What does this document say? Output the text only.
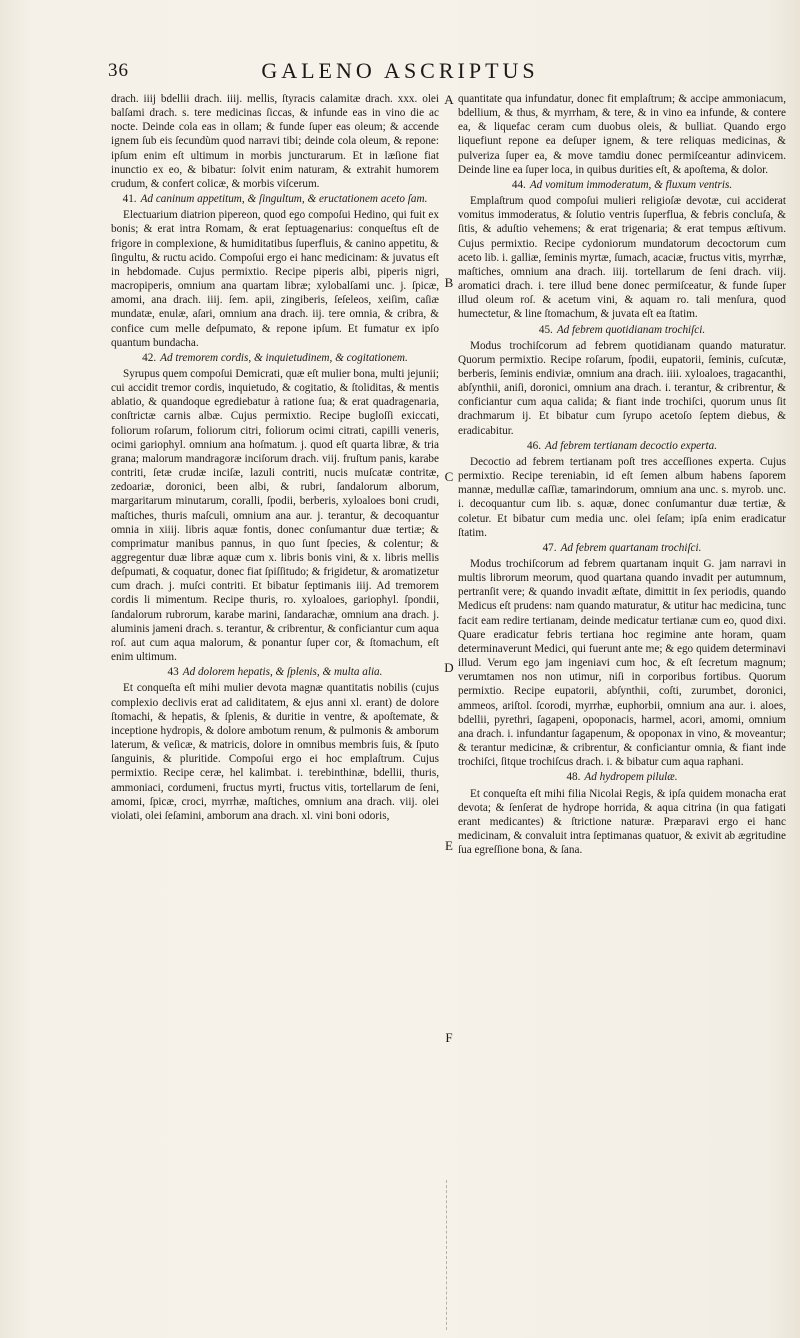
36	GALENO ASCRIPTUS

drach. iiij bdellii drach. iiij. mellis, ſtyracis calamitæ drach. xxx. olei balſami drach. s. tere medicinas ſiccas, & infunde eas in vino die ac nocte. Deinde cola eas in ollam; & funde ſuper eas oleum; & accende ignem ſub eis ſecundùm quod narravi tibi; deinde cola oleum, & repone: ipſum enim eſt ultimum in morbis juncturarum. Et in læſione fiat inunctio ex eo, & bibatur: ſolvit enim naturam, & extrahit humorem crudum, & confert colicæ, & morbis viſcerum.

41. Ad caninum appetitum, & ſingultum, & eructationem aceto ſam.

Electuarium diatrion pipereon, quod ego compoſui Hedino, qui fuit ex bonis; & erat intra Romam, & erat ſeptuagenarius: conqueſtus eſt de frigore in complexione, & humiditatibus ſuperfluis, & canino appetitu, & ſingultu, & ructu acido. Compoſui ergo ei hanc medicinam: & juvatus eſt in hebdomade. Cujus permixtio. Recipe piperis albi, piperis nigri, macropiperis, omnium ana quartam libræ; xylobalſami unc. j. ſpicæ, amomi, ana drach. iiij. ſem. apii, zingiberis, ſeſeleos, xeiſim, caſiæ mundatæ, enulæ, aſari, omnium ana drach. iij. tere omnia, & cribra, & confice cum melle deſpumato, & repone ipſum. Et fumatur ex ipſo quantum bundacha.

42. Ad tremorem cordis, & inquietudinem, & cogitationem.

Syrupus quem compoſui Demicrati, quæ eſt mulier bona, multi jejunii; cui accidit tremor cordis, inquietudo, & cogitatio, & ſtoliditas, & mentis ablatio, & quandoque egrediebatur à ratione ſua; & erat quadragenaria, conſtrictæ carnis albæ. Cujus permixtio. Recipe bugloſſi exiccati, foliorum roſarum, foliorum citri, foliorum ocimi citrati, capilli veneris, ocimi gariophyl. omnium ana hoſmatum. j. quod eſt quarta libræ, & tria grana; malorum mandragoræ inciſorum drach. viij. fruſtum panis, karabe contriti, ſetæ crudæ inciſæ, lazuli contriti, nucis muſcatæ contritæ, zedoariæ, doronici, been albi, & rubri, ſandalorum alborum, margaritarum minutarum, coralli, ſpodii, berberis, xyloaloes boni crudi, maſtiches, thuris maſculi, omnium ana aur. j. terantur, & decoquantur omnia in xiiij. libris aquæ fontis, donec conſumantur duæ tertiæ; & comprimatur manibus pannus, in quo ſunt ſpecies, & colentur; & aggregentur duæ libræ aquæ cum x. libris bonis vini, & x. libris mellis deſpumati, & coquatur, donec fiat ſpiſſitudo; & frigidetur, & aromatizetur cum drach. j. muſci contriti. Et bibatur ſeptimanis iiij. Ad tremorem cordis li mimentum. Recipe thuris, ro. xyloaloes, gariophyl. ſpondii, ſandalorum rubrorum, karabe marini, ſandarachæ, omnium ana drach. j. aluminis jameni drach. s. terantur, & cribrentur, & conficiantur cum aqua roſ. aut cum aqua malorum, & ponantur ſuper cor, & ſtomachum, eſt enim ultimum.

43 Ad dolorem hepatis, & ſplenis, & multa alia.

Et conqueſta eſt mihi mulier devota magnæ quantitatis nobilis (cujus complexio declivis erat ad caliditatem, & ejus anni xl. erant) de dolore ſtomachi, & hepatis, & ſplenis, & duritie in ventre, & apoſtemate, & inceptione hydropis, & dolore ambotum renum, & pulmonis & amborum laterum, & veſicæ, & matricis, dolore in omnibus membris ſuis, & ſputo ſanguinis, & pluritide. Compoſui ergo ei hoc emplaſtrum. Cujus permixtio. Recipe ceræ, hel kalimbat. i. terebinthinæ, bdellii, thuris, ammoniaci, cordumeni, fructus myrti, fructus vitis, tortellarum de ſeni, amomi, ſpicæ, croci, myrrhæ, maſtiches, omnium ana drach. viij. olei violati, olei ſeſamini, amborum ana drach. xl. vini boni odoris,

A
B
C
D
E
F

quantitate qua infundatur, donec fit emplaſtrum; & accipe ammoniacum, bdellium, & thus, & myrrham, & tere, & in vino ea infunde, & contere ea, & liquefac ceram cum duobus oleis, & bulliat. Quando ergo liquefiunt repone ea deſuper ignem, & tere reliquas medicinas, & pulveriza ſuper ea, & move tamdiu donec permiſceantur adinvicem. Deinde line ea ſuper loca, in quibus durities eſt, & apoſtema, & dolor.

44. Ad vomitum immoderatum, & fluxum ventris.

Emplaſtrum quod compoſui mulieri religioſæ devotæ, cui acciderat vomitus immoderatus, & ſolutio ventris ſuperflua, & febris concluſa, & ſitis, & aduſtio vehemens; & erat trigenaria; & erat tempus æſtivum. Cujus permixtio. Recipe cydoniorum mundatorum decoctorum cum aceto lib. i. galliæ, ſeminis myrtæ, ſumach, acaciæ, fructus vitis, myrrhæ, maſtiches, omnium ana drach. iiij. tortellarum de ſeni drach. viij. aromatici drach. i. tere illud bene donec permiſceatur, & funde ſuper illud oleum roſ. & acetum vini, & aquam ro. tali menſura, quod humectetur, & line ſtomachum, & juvata eſt ea ſtatim.

45. Ad febrem quotidianam trochiſci.

Modus trochiſcorum ad febrem quotidianam quando maturatur. Quorum permixtio. Recipe roſarum, ſpodii, eupatorii, ſeminis, cuſcutæ, berberis, ſeminis endiviæ, omnium ana drach. iiii. xyloaloes, tragacanthi, abſynthii, aniſi, doronici, omnium ana drach. i. terantur, & cribrentur, & conficiantur cum aqua calida; & fiant inde trochiſci, quorum unus ſit drachmarum ij. Et bibatur cum ſyrupo acetoſo ſeptem diebus, & eradicabitur.

46. Ad febrem tertianam decoctio experta.

Decoctio ad febrem tertianam poſt tres acceſſiones expertа. Cujus permixtio. Recipe tereniabin, id eſt ſemen album habens ſaporem mannæ, medullæ caſſiæ, tamarindorum, omnium ana unc. s. myrob. unc. i. decoquantur cum lib. s. aquæ, donec conſumantur duæ tertiæ, & coletur. Et bibatur cum media unc. olei ſeſam; ipſa enim eradicatur ſtatim.

47. Ad febrem quartanam trochiſci.

Modus trochiſcorum ad febrem quartanam inquit G. jam narravi in multis librorum meorum, quod quartana quando invadit per autumnum, pertranſit vere; & quando invadit æſtate, dimittit in ſex periodis, quando Medicus eſt prudens: nam quando maturatur, & utitur hac medicina, tunc facit eam redire tertianam, deinde medicatur tertianæ cum eo, quod dixi. Quare eradicatur febris tertiana hoc regimine ante horam, quam determinaverunt Medici, qui fuerunt ante me; & ego quidem determinavi illud. Verum ego jam ingeniavi cum hoc, & eſt ſecretum magnum; verumtamen nos non utimur, niſi in corporibus fortibus. Quorum permixtio. Recipe eupatorii, abſynthii, coſti, zurumbet, doronici, ammeos, ariſtol. ſcorodi, myrrhæ, euphorbii, omnium ana aur. i. aloes, bdellii, pyrethri, ſagapeni, opoponacis, harmel, acori, amomi, omnium ana drach. i. infundantur ſagapenum, & opoponax in vino, & moveantur; & terantur medicinæ, & cribrentur, & conficiantur omnia, & fiant inde trochiſci, ſitque trochiſcus drach. i. & bibatur cum aqua raphani.

48. Ad hydropem pilulæ.

Et conqueſta eſt mihi filia Nicolai Regis, & ipſa quidem monacha erat devota; & ſenſerat de hydrope horrida, & aqua citrina (in qua fatigati erant medicantes) & ſtrictione naturæ. Præparavi ergo ei hanc medicinam, & convaluit intra ſeptimanas quatuor, & exivit ab ægritudine ſua egreſſione bona, & ſana.
